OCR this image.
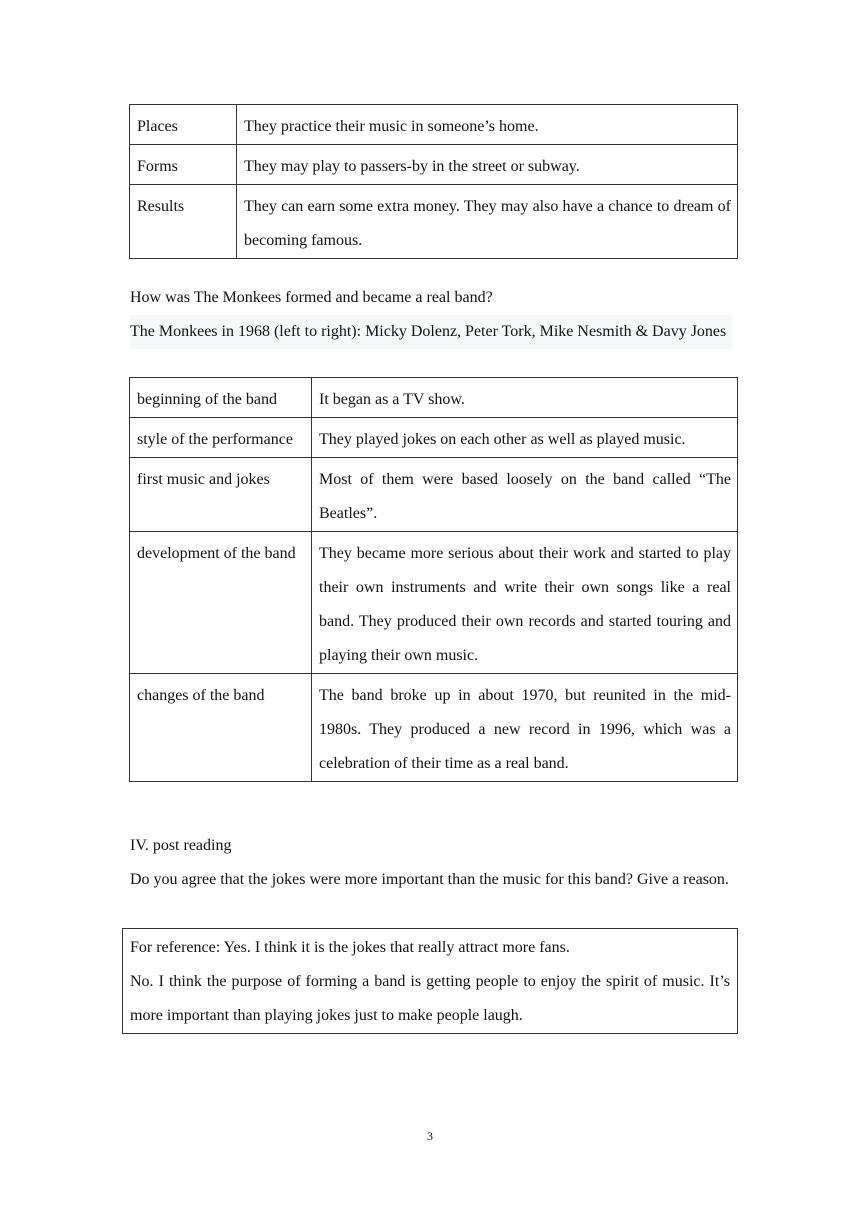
Places	They practice their music in someone’s home.
Forms	They may play to passers-by in the street or subway.
Results	They can earn some extra money. They may also have a chance to dream of becoming famous.
How was The Monkees formed and became a real band?
The Monkees in 1968 (left to right): Micky Dolenz, Peter Tork, Mike Nesmith & Davy Jones
beginning of the band	It began as a TV show.
style of the performance	They played jokes on each other as well as played music.
first music and jokes	Most of them were based loosely on the band called “The Beatles”.
development of the band	They became more serious about their work and started to play their own instruments and write their own songs like a real band. They produced their own records and started touring and playing their own music.
changes of the band	The band broke up in about 1970, but reunited in the mid-1980s. They produced a new record in 1996, which was a celebration of their time as a real band.
IV. post reading
Do you agree that the jokes were more important than the music for this band? Give a reason.
For reference: Yes. I think it is the jokes that really attract more fans.
No. I think the purpose of forming a band is getting people to enjoy the spirit of music. It’s more important than playing jokes just to make people laugh.
3
